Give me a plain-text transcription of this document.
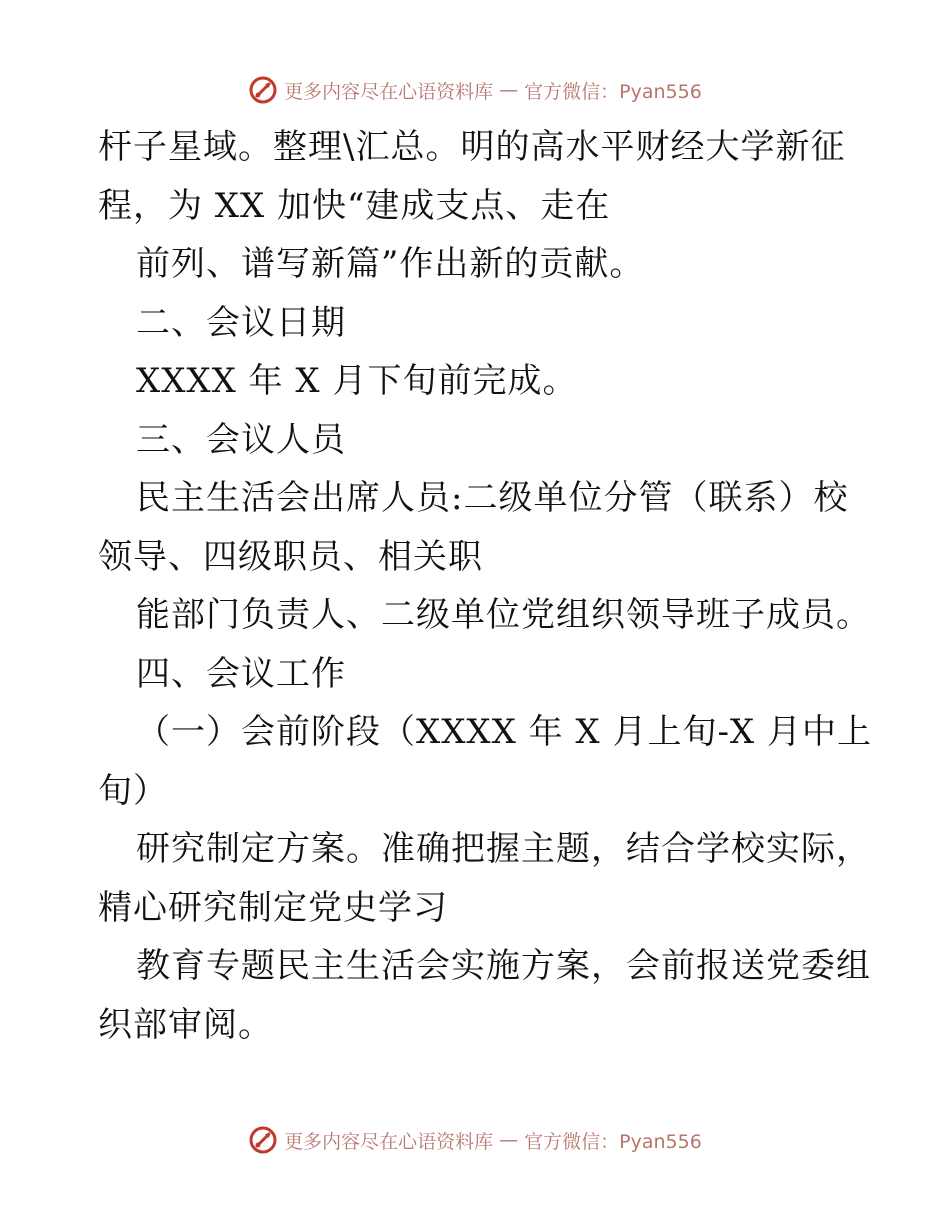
更多内容尽在心语资料库 — 官方微信：Pyan556
杆子星域。整理\汇总。明的高水平财经大学新征
程，为 XX 加快“建成支点、走在
前列、谱写新篇”作出新的贡献。
二、会议日期
XXXX 年 X 月下旬前完成。
三、会议人员
民主生活会出席人员:二级单位分管（联系）校
领导、四级职员、相关职
能部门负责人、二级单位党组织领导班子成员。
四、会议工作
（一）会前阶段（XXXX 年 X 月上旬-X 月中上
旬）
研究制定方案。准确把握主题，结合学校实际，
精心研究制定党史学习
教育专题民主生活会实施方案，会前报送党委组
织部审阅。
更多内容尽在心语资料库 — 官方微信：Pyan556
